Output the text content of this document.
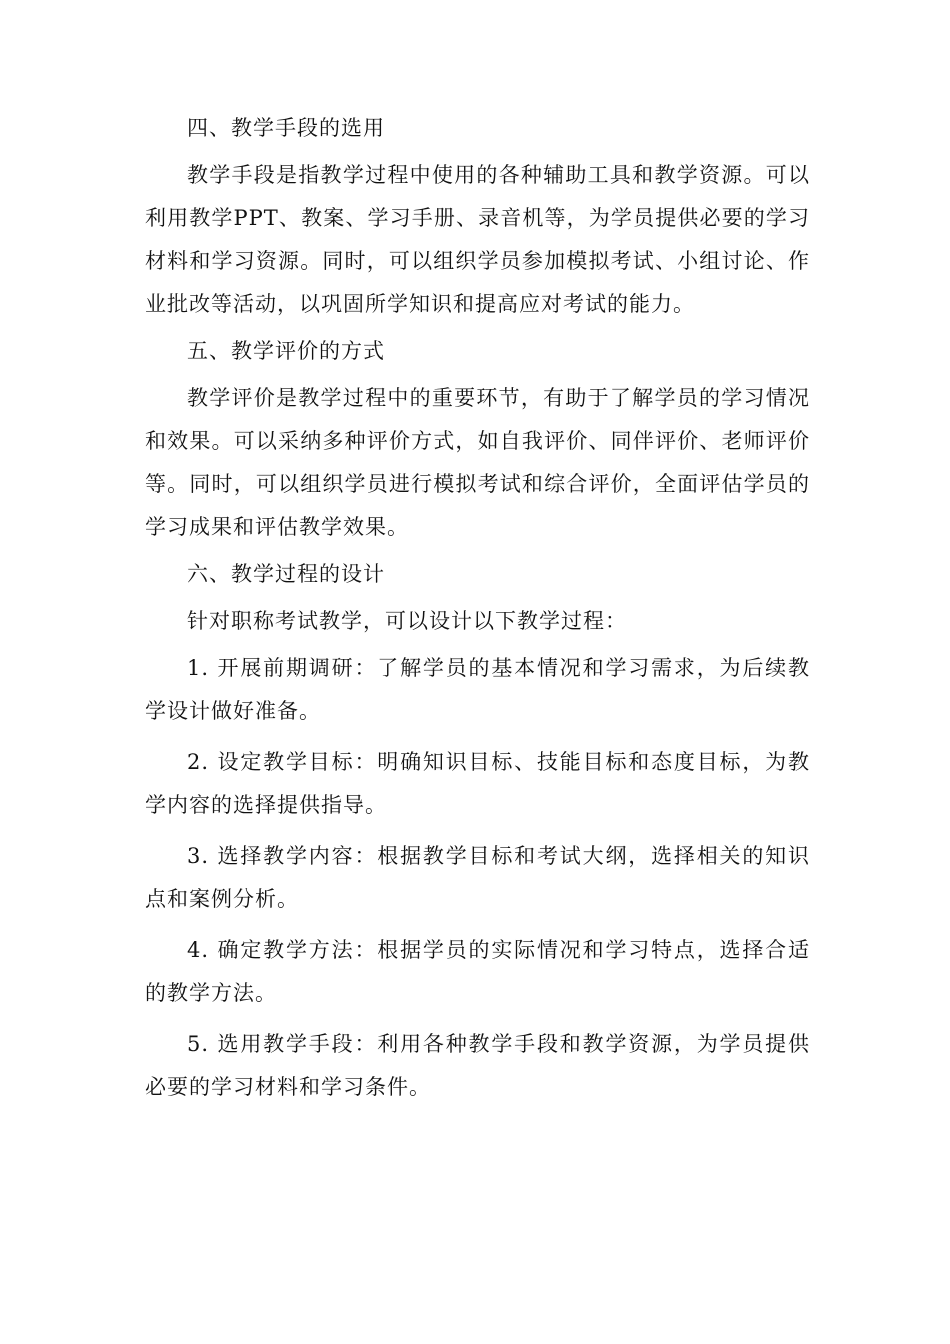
四、教学手段的选用

教学手段是指教学过程中使用的各种辅助工具和教学资源。可以利用教学PPT、教案、学习手册、录音机等，为学员提供必要的学习材料和学习资源。同时，可以组织学员参加模拟考试、小组讨论、作业批改等活动，以巩固所学知识和提高应对考试的能力。

五、教学评价的方式

教学评价是教学过程中的重要环节，有助于了解学员的学习情况和效果。可以采纳多种评价方式，如自我评价、同伴评价、老师评价等。同时，可以组织学员进行模拟考试和综合评价，全面评估学员的学习成果和评估教学效果。

六、教学过程的设计

针对职称考试教学，可以设计以下教学过程：

1. 开展前期调研：了解学员的基本情况和学习需求，为后续教学设计做好准备。

2. 设定教学目标：明确知识目标、技能目标和态度目标，为教学内容的选择提供指导。

3. 选择教学内容：根据教学目标和考试大纲，选择相关的知识点和案例分析。

4. 确定教学方法：根据学员的实际情况和学习特点，选择合适的教学方法。

5. 选用教学手段：利用各种教学手段和教学资源，为学员提供必要的学习材料和学习条件。
